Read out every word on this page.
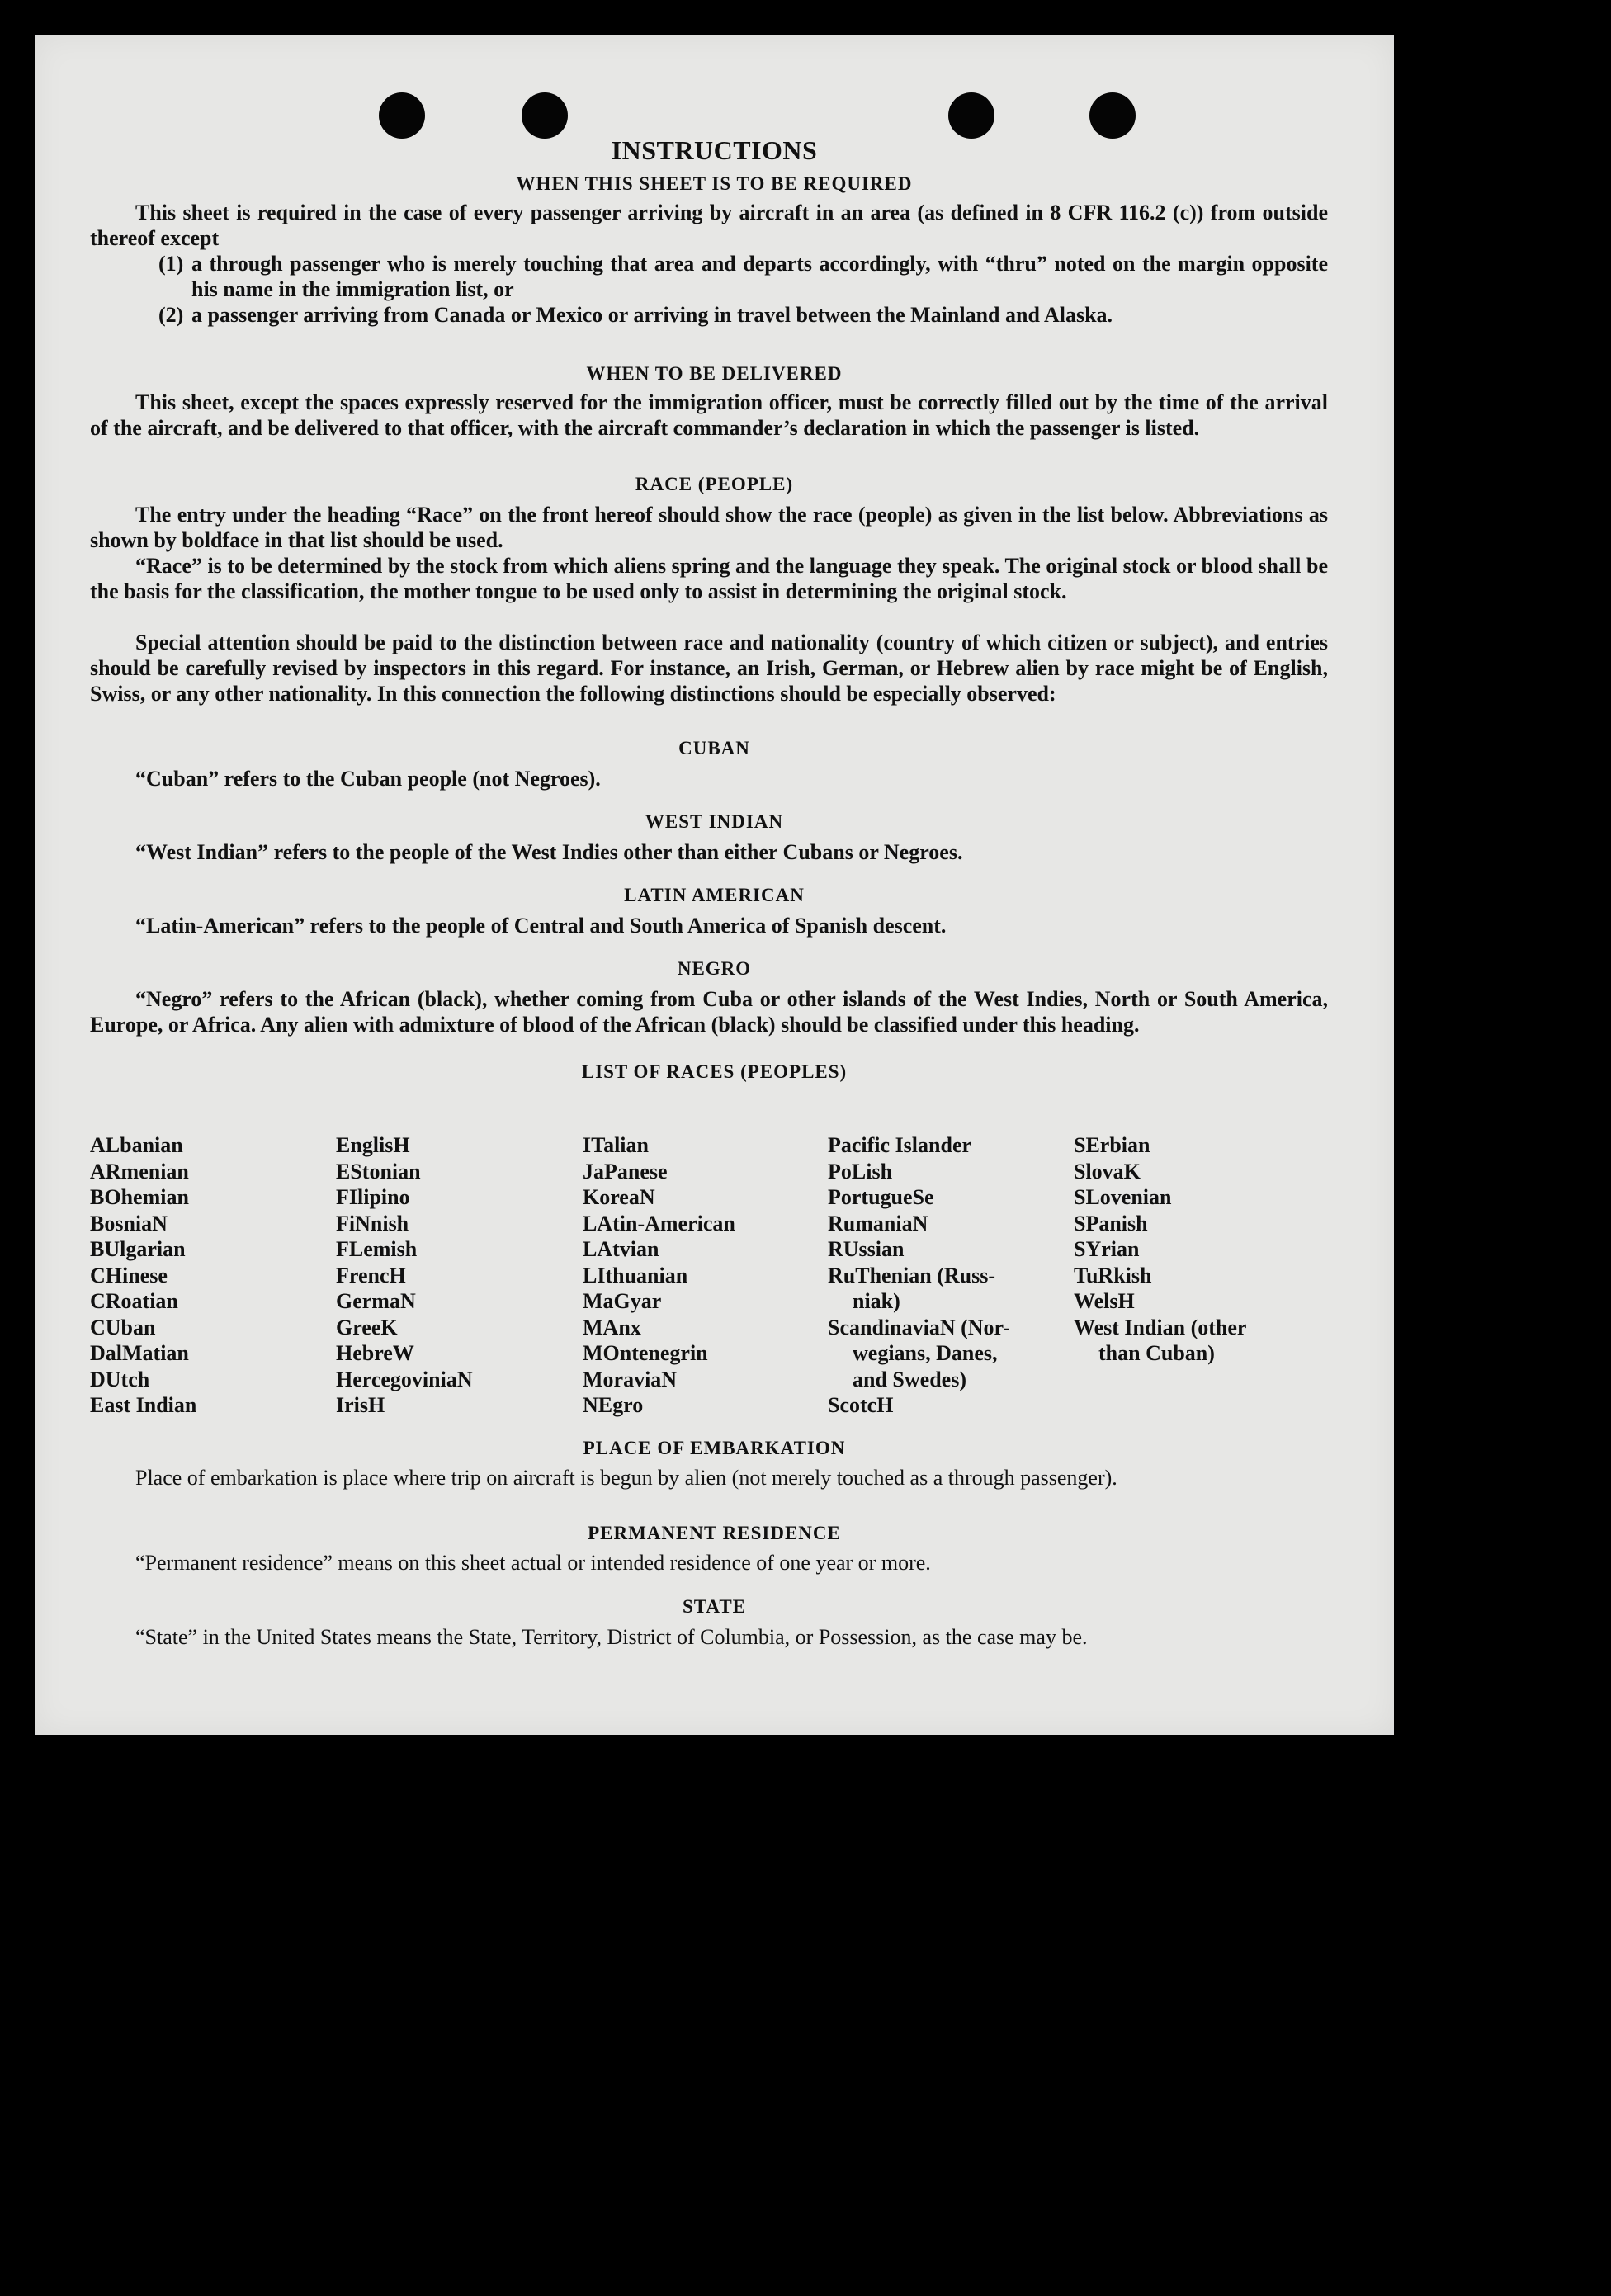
INSTRUCTIONS
WHEN THIS SHEET IS TO BE REQUIRED
This sheet is required in the case of every passenger arriving by aircraft in an area (as defined in 8 CFR 116.2 (c)) from outside thereof except
(1) a through passenger who is merely touching that area and departs accordingly, with “thru” noted on the margin opposite his name in the immigration list, or
(2) a passenger arriving from Canada or Mexico or arriving in travel between the Mainland and Alaska.
WHEN TO BE DELIVERED
This sheet, except the spaces expressly reserved for the immigration officer, must be correctly filled out by the time of the arrival of the aircraft, and be delivered to that officer, with the aircraft commander’s declaration in which the passenger is listed.
RACE (PEOPLE)
The entry under the heading “Race” on the front hereof should show the race (people) as given in the list below. Abbreviations as shown by boldface in that list should be used.
“Race” is to be determined by the stock from which aliens spring and the language they speak. The original stock or blood shall be the basis for the classification, the mother tongue to be used only to assist in determining the original stock.
Special attention should be paid to the distinction between race and nationality (country of which citizen or subject), and entries should be carefully revised by inspectors in this regard. For instance, an Irish, German, or Hebrew alien by race might be of English, Swiss, or any other nationality. In this connection the following distinctions should be especially observed:
CUBAN
“Cuban” refers to the Cuban people (not Negroes).
WEST INDIAN
“West Indian” refers to the people of the West Indies other than either Cubans or Negroes.
LATIN AMERICAN
“Latin-American” refers to the people of Central and South America of Spanish descent.
NEGRO
“Negro” refers to the African (black), whether coming from Cuba or other islands of the West Indies, North or South America, Europe, or Africa. Any alien with admixture of blood of the African (black) should be classified under this heading.
LIST OF RACES (PEOPLES)
ALbanian
ARmenian
BOhemian
BosniaN
BUlgarian
CHinese
CRoatian
CUban
DalMatian
DUtch
East Indian
EnglisH
EStonian
FIlipino
FiNnish
FLemish
FrencH
GermaN
GreeK
HebreW
HercegoviniaN
IrisH
ITalian
JaPanese
KoreaN
LAtin-American
LAtvian
LIthuanian
MaGyar
MAnx
MOntenegrin
MoraviaN
NEgro
Pacific Islander
PoLish
PortugueSe
RumaniaN
RUssian
RuThenian (Russ-
niak)
ScandinaviaN (Nor-
wegians, Danes,
and Swedes)
ScotcH
SErbian
SlovaK
SLovenian
SPanish
SYrian
TuRkish
WelsH
West Indian (other
than Cuban)
PLACE OF EMBARKATION
Place of embarkation is place where trip on aircraft is begun by alien (not merely touched as a through passenger).
PERMANENT RESIDENCE
“Permanent residence” means on this sheet actual or intended residence of one year or more.
STATE
“State” in the United States means the State, Territory, District of Columbia, or Possession, as the case may be.
